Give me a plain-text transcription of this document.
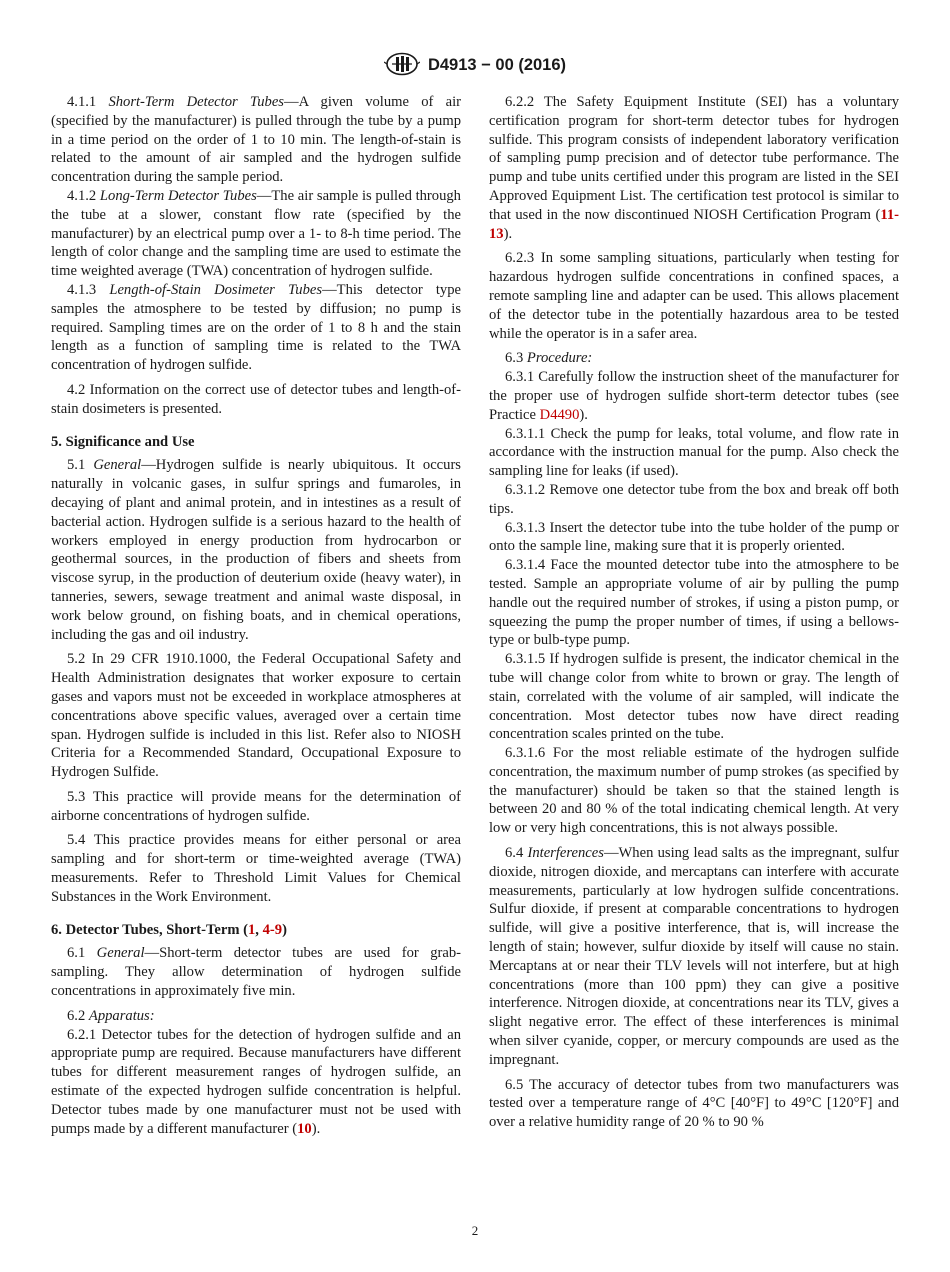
D4913 − 00 (2016)

4.1.1 Short-Term Detector Tubes—A given volume of air (specified by the manufacturer) is pulled through the tube by a pump in a time period on the order of 1 to 10 min. The length-of-stain is related to the amount of air sampled and the hydrogen sulfide concentration during the sample period.

4.1.2 Long-Term Detector Tubes—The air sample is pulled through the tube at a slower, constant flow rate (specified by the manufacturer) by an electrical pump over a 1- to 8-h time period. The length of color change and the sampling time are used to estimate the time weighted average (TWA) concentration of hydrogen sulfide.

4.1.3 Length-of-Stain Dosimeter Tubes—This detector type samples the atmosphere to be tested by diffusion; no pump is required. Sampling times are on the order of 1 to 8 h and the stain length as a function of sampling time is related to the TWA concentration of hydrogen sulfide.

4.2 Information on the correct use of detector tubes and length-of-stain dosimeters is presented.

5. Significance and Use

5.1 General—Hydrogen sulfide is nearly ubiquitous. It occurs naturally in volcanic gases, in sulfur springs and fumaroles, in decaying of plant and animal protein, and in intestines as a result of bacterial action. Hydrogen sulfide is a serious hazard to the health of workers employed in energy production from hydrocarbon or geothermal sources, in the production of fibers and sheets from viscose syrup, in the production of deuterium oxide (heavy water), in tanneries, sewers, sewage treatment and animal waste disposal, in work below ground, on fishing boats, and in chemical operations, including the gas and oil industry.

5.2 In 29 CFR 1910.1000, the Federal Occupational Safety and Health Administration designates that worker exposure to certain gases and vapors must not be exceeded in workplace atmospheres at concentrations above specific values, averaged over a certain time span. Hydrogen sulfide is included in this list. Refer also to NIOSH Criteria for a Recommended Standard, Occupational Exposure to Hydrogen Sulfide.

5.3 This practice will provide means for the determination of airborne concentrations of hydrogen sulfide.

5.4 This practice provides means for either personal or area sampling and for short-term or time-weighted average (TWA) measurements. Refer to Threshold Limit Values for Chemical Substances in the Work Environment.

6. Detector Tubes, Short-Term (1, 4-9)

6.1 General—Short-term detector tubes are used for grab-sampling. They allow determination of hydrogen sulfide concentrations in approximately five min.

6.2 Apparatus:

6.2.1 Detector tubes for the detection of hydrogen sulfide and an appropriate pump are required. Because manufacturers have different tubes for different measurement ranges of hydrogen sulfide, an estimate of the expected hydrogen sulfide concentration is helpful. Detector tubes made by one manufacturer must not be used with pumps made by a different manufacturer (10).

6.2.2 The Safety Equipment Institute (SEI) has a voluntary certification program for short-term detector tubes for hydrogen sulfide. This program consists of independent laboratory verification of sampling pump precision and of detector tube performance. The pump and tube units certified under this program are listed in the SEI Approved Equipment List. The certification test protocol is similar to that used in the now discontinued NIOSH Certification Program (11-13).

6.2.3 In some sampling situations, particularly when testing for hazardous hydrogen sulfide concentrations in confined spaces, a remote sampling line and adapter can be used. This allows placement of the detector tube in the potentially hazardous area to be tested while the operator is in a safer area.

6.3 Procedure:

6.3.1 Carefully follow the instruction sheet of the manufacturer for the proper use of hydrogen sulfide short-term detector tubes (see Practice D4490).

6.3.1.1 Check the pump for leaks, total volume, and flow rate in accordance with the instruction manual for the pump. Also check the sampling line for leaks (if used).

6.3.1.2 Remove one detector tube from the box and break off both tips.

6.3.1.3 Insert the detector tube into the tube holder of the pump or onto the sample line, making sure that it is properly oriented.

6.3.1.4 Face the mounted detector tube into the atmosphere to be tested. Sample an appropriate volume of air by pulling the pump handle out the required number of strokes, if using a piston pump, or squeezing the pump the proper number of times, if using a bellows-type or bulb-type pump.

6.3.1.5 If hydrogen sulfide is present, the indicator chemical in the tube will change color from white to brown or gray. The length of stain, correlated with the volume of air sampled, will indicate the concentration. Most detector tubes now have direct reading concentration scales printed on the tube.

6.3.1.6 For the most reliable estimate of the hydrogen sulfide concentration, the maximum number of pump strokes (as specified by the manufacturer) should be taken so that the stained length is between 20 and 80 % of the total indicating chemical length. At very low or very high concentrations, this is not always possible.

6.4 Interferences—When using lead salts as the impregnant, sulfur dioxide, nitrogen dioxide, and mercaptans can interfere with accurate measurements, particularly at low hydrogen sulfide concentrations. Sulfur dioxide, if present at comparable concentrations to hydrogen sulfide, will give a positive interference, that is, will increase the length of stain; however, sulfur dioxide by itself will cause no stain. Mercaptans at or near their TLV levels will not interfere, but at high concentrations (more than 100 ppm) they can give a positive interference. Nitrogen dioxide, at concentrations near its TLV, gives a slight negative error. The effect of these interferences is minimal when silver cyanide, copper, or mercury compounds are used as the impregnant.

6.5 The accuracy of detector tubes from two manufacturers was tested over a temperature range of 4°C [40°F] to 49°C [120°F] and over a relative humidity range of 20 % to 90 %

2
